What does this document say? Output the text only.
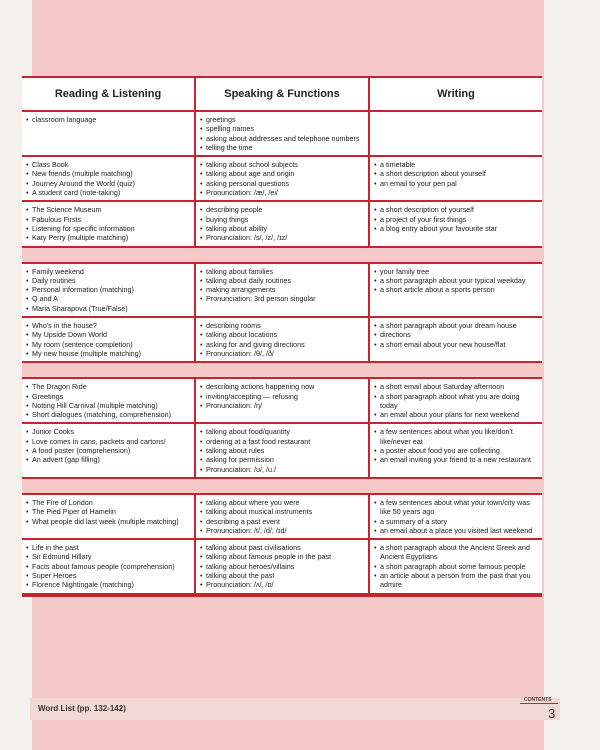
Reading & Listening	Speaking & Functions	Writing
• classroom language
•	greetings
• spelling names
• asking about addresses and telephone numbers
• telling the time
• Class Book
• New friends (multiple matching)
• Journey Around the World (quiz)
• A student card (note-taking)
• talking about school subjects
• talking about age and origin
• asking personal questions
• Pronunciation: /æ/, /ei/
• a timetable
• a short description about yourself
• an email to your pen pal
• The Science Museum
• Fabulous Firsts
• Listening for specific information
• Katy Perry (multiple matching)
• describing people
• buying things
• talking about ability
• Pronunciation: /s/, /z/, /ɪz/
• a short description of yourself
• a project of your first things
• a blog entry about your favourite star
• Family weekend
• Daily routines
• Personal information (matching)
• Q and A
• Maria Sharapova (True/False)
• talking about families
• talking about daily routines
• making arrangements
• Pronunciation: 3rd person singular
• your family tree
• a short paragraph about your typical weekday
• a short article about a sports person
• Who's in the house?
• My Upside Down World
• My room (sentence completion)
• My new house (multiple matching)
• describing rooms
• talking about locations
• asking for and giving directions
• Pronunciation: /θ/, /ð/
• a short paragraph about your dream house
• directions
• a short email about your new house/flat
• The Dragon Ride
• Greetings
• Notting Hill Carnival (multiple matching)
• Short dialogues (matching, comprehension)
• describing actions happening now
• inviting/accepting — refusing
• Pronunciation: /ŋ/
• a short email about Saturday afternoon
• a short paragraph about what you are doing today
• an email about your plans for next weekend
• Junior Cooks
• Love comes in cans, packets and cartons!
• A food poster (comprehension)
• An advert (gap filling)
• talking about food/quantity
• ordering at a fast food restaurant
• talking about rules
• asking for permission
• Pronunciation: /ʊ/, /uː/
• a few sentences about what you like/don't like/never eat
• a poster about food you are collecting
• an email inviting your friend to a new restaurant
• The Fire of London
• The Pied Piper of Hamelin
• What people did last week (multiple matching)
• talking about where you were
• talking about musical instruments
• describing a past event
• Pronunciation: /t/, /d/, /ɪd/
• a few sentences about what your town/city was like 50 years ago
• a summary of a story
• an email about a place you visited last weekend
• Life in the past
• Sir Edmund Hillary
• Facts about famous people (comprehension)
• Super Heroes
• Florence Nightingale (matching)
• talking about past civilisations
• talking about famous people in the past
• talking about heroes/villains
• talking about the past
• Pronunciation: /ʌ/, /ɒ/
• a short paragraph about the Ancient Greek and Ancient Egyptians
• a short paragraph about some famous people
• an article about a person from the past that you admire
Word List (pp. 132-142)
CONTENTS
3
